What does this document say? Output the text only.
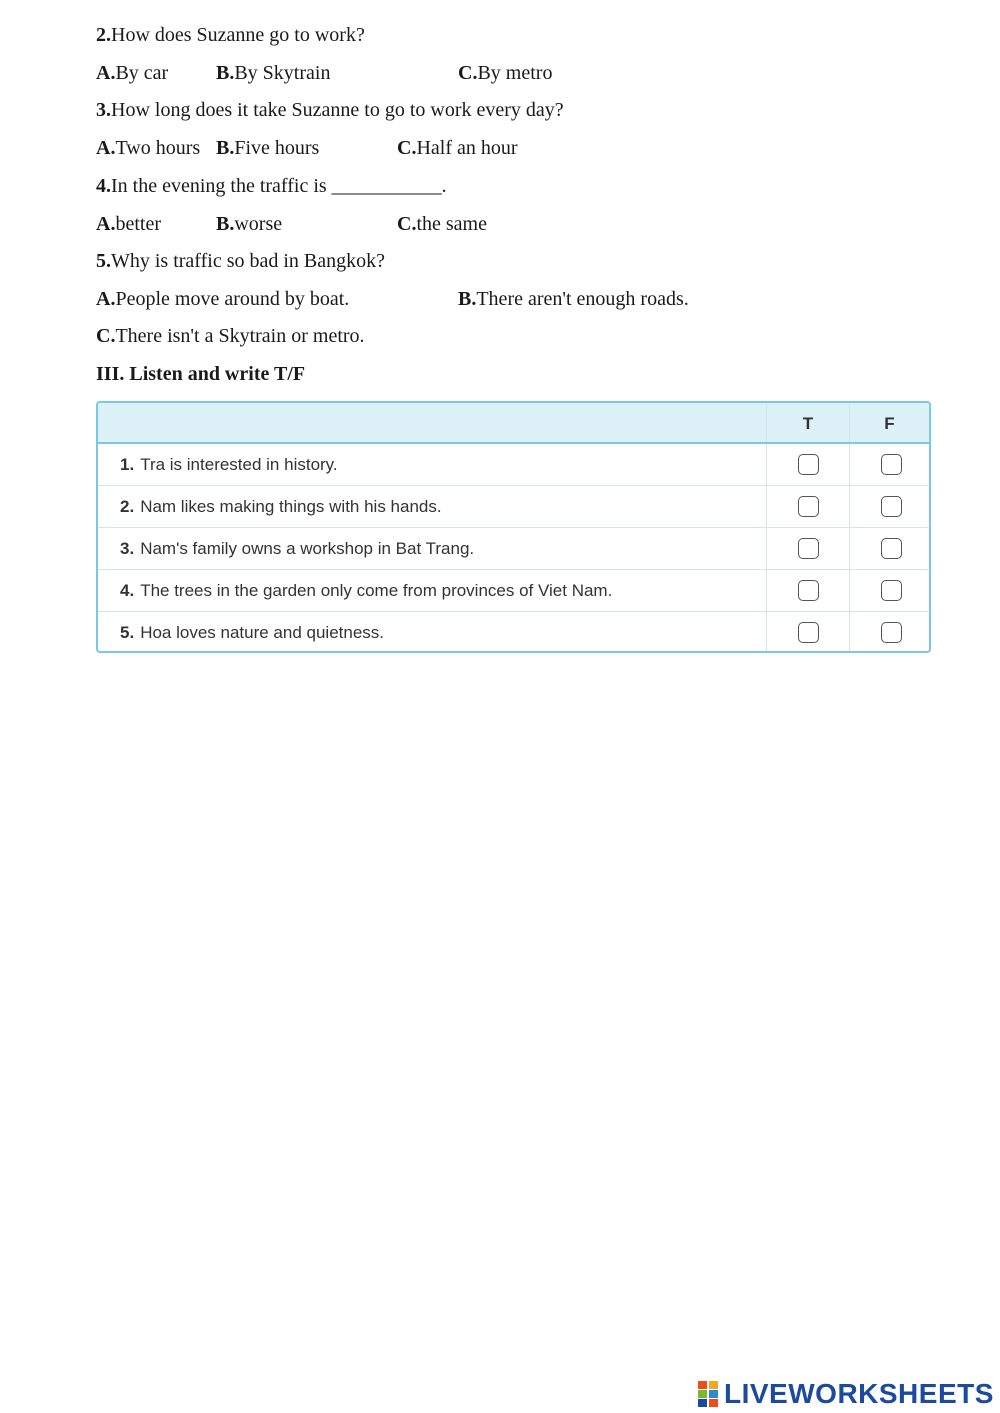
2.How does Suzanne go to work?
A.By car B.By Skytrain	C.By metro
3.How long does it take Suzanne to go to work every day?
A.Two hours B.Five hours	C.Half an hour
4.In the evening the traffic is ___________.
A.better	B.worse	C.the same
5.Why is traffic so bad in Bangkok?
A.People move around by boat.	B.There aren't enough roads.
C.There isn't a Skytrain or metro.
III. Listen and write T/F
T	F
1. Tra is interested in history.
2. Nam likes making things with his hands.
3. Nam's family owns a workshop in Bat Trang.
4. The trees in the garden only come from provinces of Viet Nam.
5. Hoa loves nature and quietness.
LIVEWORKSHEETS
